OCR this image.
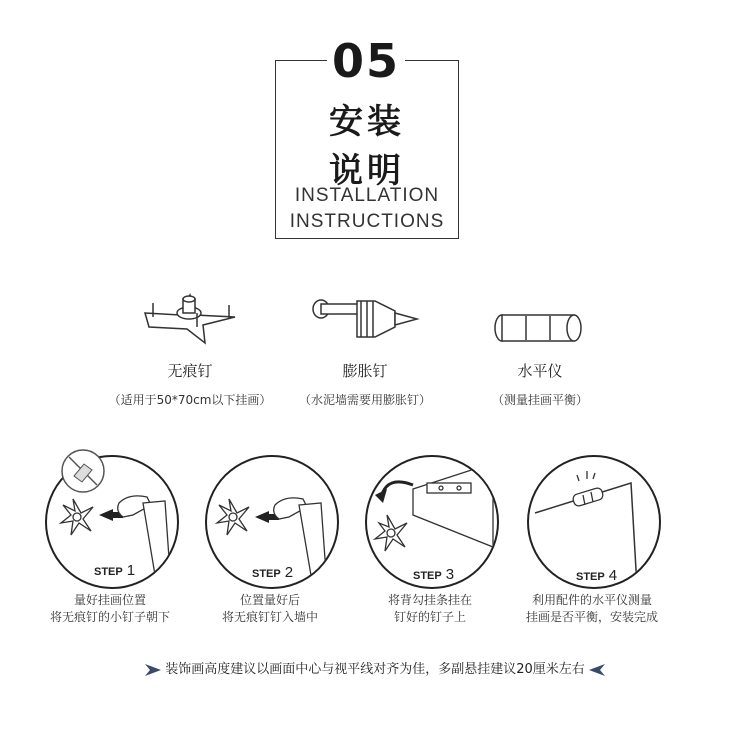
05
安装
说明
INSTALLATION
INSTRUCTIONS
无痕钉
（适用于50*70cm以下挂画）
膨胀钉
（水泥墙需要用膨胀钉）
水平仪
（测量挂画平衡）
STEP 1
量好挂画位置
将无痕钉的小钉子朝下
STEP 2
位置量好后
将无痕钉钉入墙中
STEP 3
将背勾挂条挂在
钉好的钉子上
STEP 4
利用配件的水平仪测量
挂画是否平衡，安装完成
装饰画高度建议以画面中心与视平线对齐为佳，多副悬挂建议20厘米左右
